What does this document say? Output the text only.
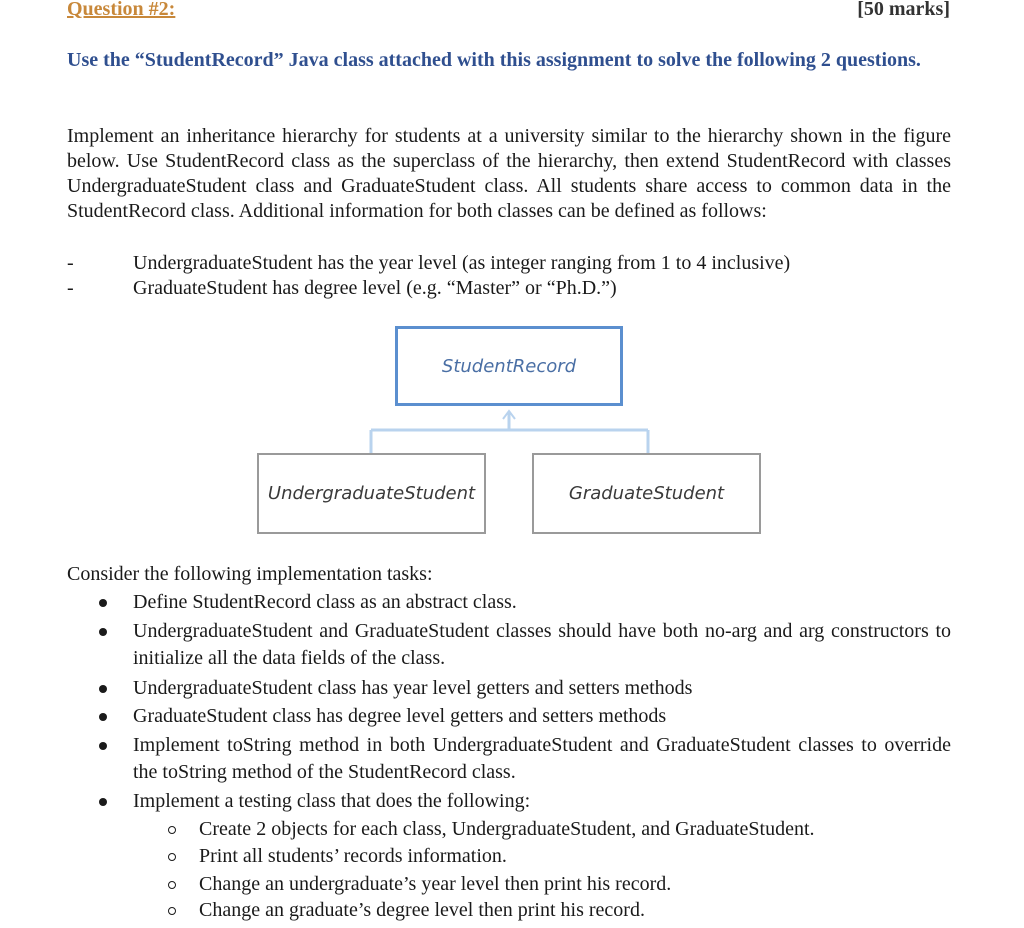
Question #2:	[50 marks]
Use the “StudentRecord” Java class attached with this assignment to solve the following 2 questions.
Implement an inheritance hierarchy for students at a university similar to the hierarchy shown in the figure below. Use StudentRecord class as the superclass of the hierarchy, then extend StudentRecord with classes UndergraduateStudent class and GraduateStudent class. All students share access to common data in the StudentRecord class. Additional information for both classes can be defined as follows:
-	UndergraduateStudent has the year level (as integer ranging from 1 to 4 inclusive)
-	GraduateStudent has degree level (e.g. “Master” or “Ph.D.”)
StudentRecord
UndergraduateStudent	GraduateStudent
Consider the following implementation tasks:
Define StudentRecord class as an abstract class.
UndergraduateStudent and GraduateStudent classes should have both no-arg and arg constructors to initialize all the data fields of the class.
UndergraduateStudent class has year level getters and setters methods
GraduateStudent class has degree level getters and setters methods
Implement toString method in both UndergraduateStudent and GraduateStudent classes to override the toString method of the StudentRecord class.
Implement a testing class that does the following:
Create 2 objects for each class, UndergraduateStudent, and GraduateStudent.
Print all students’ records information.
Change an undergraduate’s year level then print his record.
Change an graduate’s degree level then print his record.
